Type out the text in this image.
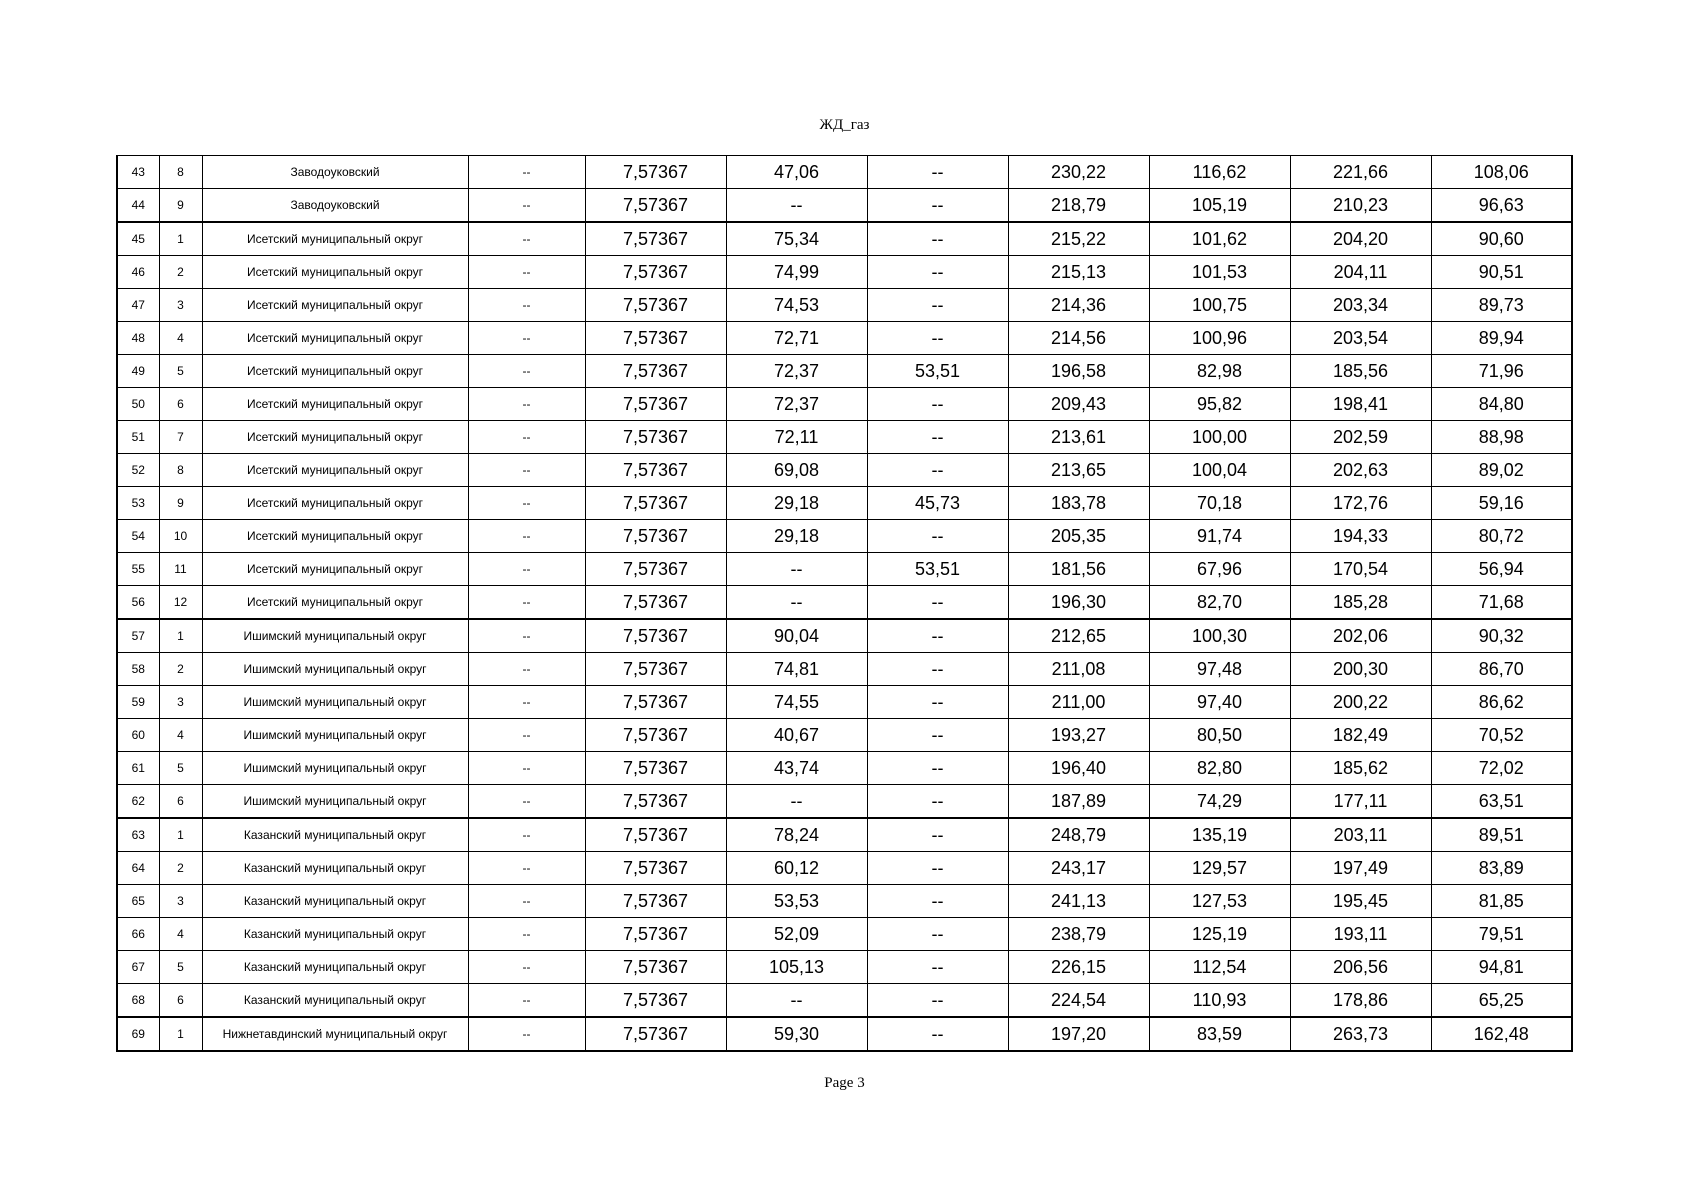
ЖД_газ
43	8	Заводоуковский	--	7,57367	47,06	--	230,22	116,62	221,66	108,06
44	9	Заводоуковский	--	7,57367	--	--	218,79	105,19	210,23	96,63
45	1	Исетский муниципальный округ	--	7,57367	75,34	--	215,22	101,62	204,20	90,60
46	2	Исетский муниципальный округ	--	7,57367	74,99	--	215,13	101,53	204,11	90,51
47	3	Исетский муниципальный округ	--	7,57367	74,53	--	214,36	100,75	203,34	89,73
48	4	Исетский муниципальный округ	--	7,57367	72,71	--	214,56	100,96	203,54	89,94
49	5	Исетский муниципальный округ	--	7,57367	72,37	53,51	196,58	82,98	185,56	71,96
50	6	Исетский муниципальный округ	--	7,57367	72,37	--	209,43	95,82	198,41	84,80
51	7	Исетский муниципальный округ	--	7,57367	72,11	--	213,61	100,00	202,59	88,98
52	8	Исетский муниципальный округ	--	7,57367	69,08	--	213,65	100,04	202,63	89,02
53	9	Исетский муниципальный округ	--	7,57367	29,18	45,73	183,78	70,18	172,76	59,16
54	10	Исетский муниципальный округ	--	7,57367	29,18	--	205,35	91,74	194,33	80,72
55	11	Исетский муниципальный округ	--	7,57367	--	53,51	181,56	67,96	170,54	56,94
56	12	Исетский муниципальный округ	--	7,57367	--	--	196,30	82,70	185,28	71,68
57	1	Ишимский муниципальный округ	--	7,57367	90,04	--	212,65	100,30	202,06	90,32
58	2	Ишимский муниципальный округ	--	7,57367	74,81	--	211,08	97,48	200,30	86,70
59	3	Ишимский муниципальный округ	--	7,57367	74,55	--	211,00	97,40	200,22	86,62
60	4	Ишимский муниципальный округ	--	7,57367	40,67	--	193,27	80,50	182,49	70,52
61	5	Ишимский муниципальный округ	--	7,57367	43,74	--	196,40	82,80	185,62	72,02
62	6	Ишимский муниципальный округ	--	7,57367	--	--	187,89	74,29	177,11	63,51
63	1	Казанский муниципальный округ	--	7,57367	78,24	--	248,79	135,19	203,11	89,51
64	2	Казанский муниципальный округ	--	7,57367	60,12	--	243,17	129,57	197,49	83,89
65	3	Казанский муниципальный округ	--	7,57367	53,53	--	241,13	127,53	195,45	81,85
66	4	Казанский муниципальный округ	--	7,57367	52,09	--	238,79	125,19	193,11	79,51
67	5	Казанский муниципальный округ	--	7,57367	105,13	--	226,15	112,54	206,56	94,81
68	6	Казанский муниципальный округ	--	7,57367	--	--	224,54	110,93	178,86	65,25
69	1	Нижнетавдинский муниципальный округ	--	7,57367	59,30	--	197,20	83,59	263,73	162,48
Page 3
